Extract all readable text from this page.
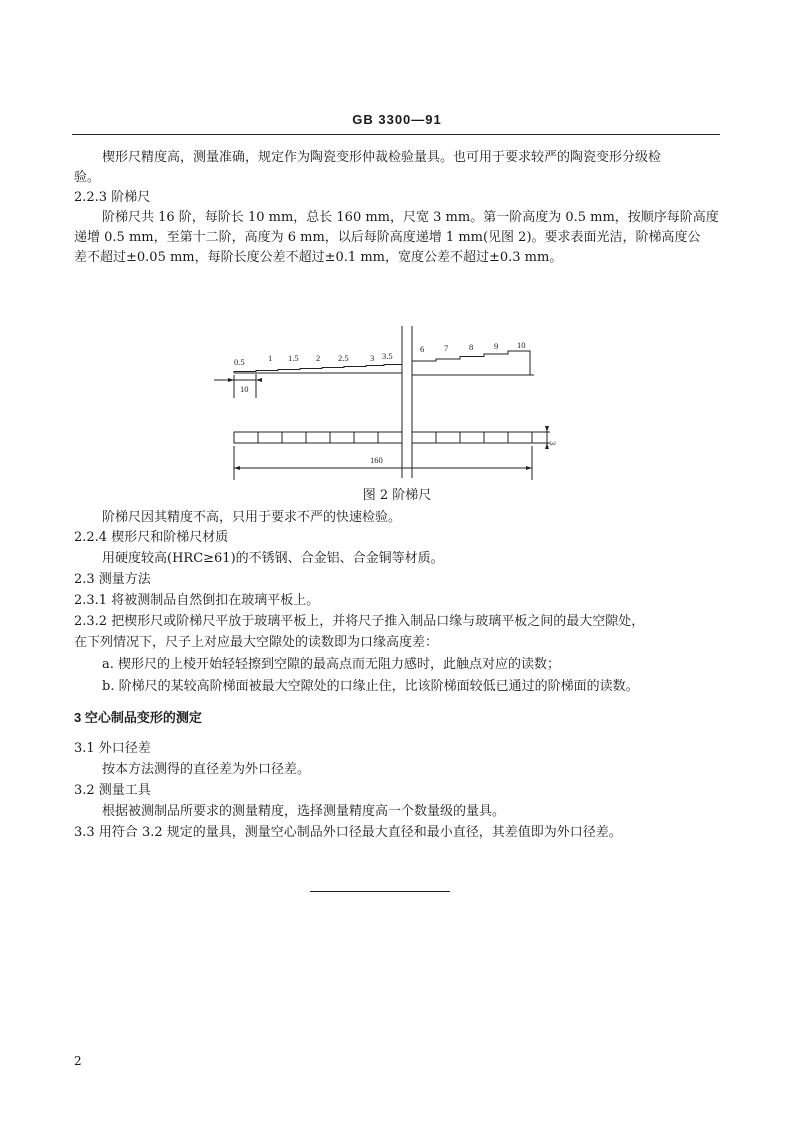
GB 3300—91
楔形尺精度高，测量准确，规定作为陶瓷变形仲裁检验量具。也可用于要求较严的陶瓷变形分级检
验。
2.2.3 阶梯尺
阶梯尺共 16 阶，每阶长 10 mm，总长 160 mm，尺宽 3 mm。第一阶高度为 0.5 mm，按顺序每阶高度
递增 0.5 mm，至第十二阶，高度为 6 mm，以后每阶高度递增 1 mm(见图 2)。要求表面光洁，阶梯高度公
差不超过±0.05 mm，每阶长度公差不超过±0.1 mm，宽度公差不超过±0.3 mm。
0.5	1 1.5 2 2.5	3 3.5
6 7 8 9 10
10
160
3
图 2 阶梯尺
阶梯尺因其精度不高，只用于要求不严的快速检验。
2.2.4 楔形尺和阶梯尺材质
用硬度较高(HRC≥61)的不锈钢、合金铝、合金铜等材质。
2.3 测量方法
2.3.1 将被测制品自然倒扣在玻璃平板上。
2.3.2 把楔形尺或阶梯尺平放于玻璃平板上，并将尺子推入制品口缘与玻璃平板之间的最大空隙处，
在下列情况下，尺子上对应最大空隙处的读数即为口缘高度差：
a. 楔形尺的上棱开始轻轻擦到空隙的最高点而无阻力感时，此触点对应的读数；
b. 阶梯尺的某较高阶梯面被最大空隙处的口缘止住，比该阶梯面较低已通过的阶梯面的读数。
3 空心制品变形的测定
3.1 外口径差
按本方法测得的直径差为外口径差。
3.2 测量工具
根据被测制品所要求的测量精度，选择测量精度高一个数量级的量具。
3.3 用符合 3.2 规定的量具，测量空心制品外口径最大直径和最小直径，其差值即为外口径差。
2
